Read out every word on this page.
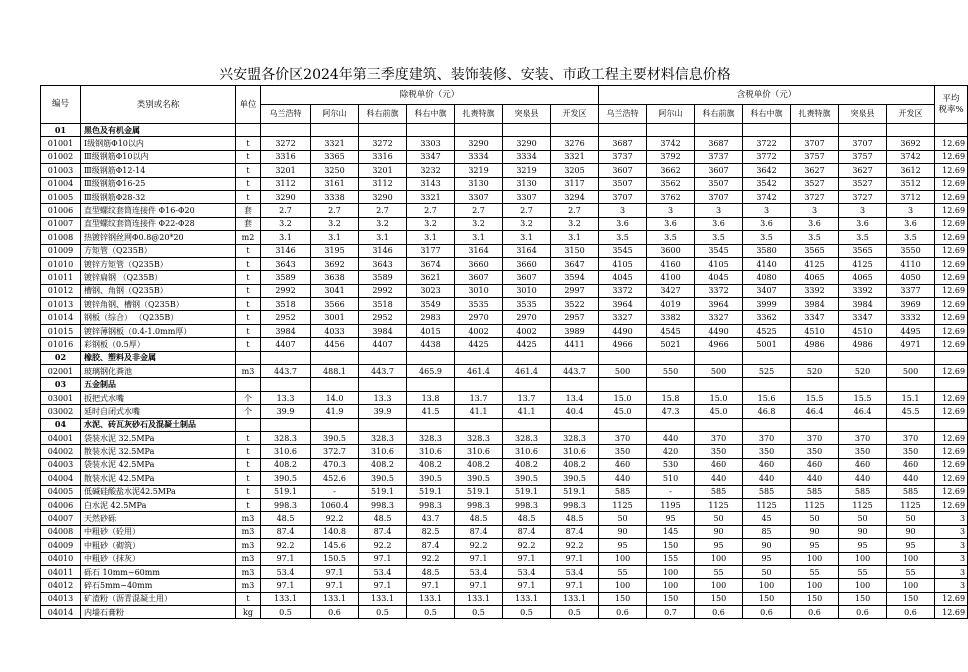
兴安盟各价区2024年第三季度建筑、装饰装修、安装、市政工程主要材料信息价格
编号	类别或名称	单位	除税单价（元）							含税单价（元）							平均
税率%
			乌兰浩特	阿尔山	科右前旗	科右中旗	扎赉特旗	突泉县	开发区	乌兰浩特	阿尔山	科右前旗	科右中旗	扎赉特旗	突泉县	开发区	
01	黑色及有机金属																
01001	Ⅰ级钢筋Φ10以内	t	3272	3321	3272	3303	3290	3290	3276	3687	3742	3687	3722	3707	3707	3692	12.69
01002	Ⅲ级钢筋Φ10以内	t	3316	3365	3316	3347	3334	3334	3321	3737	3792	3737	3772	3757	3757	3742	12.69
01003	Ⅲ级钢筋Φ12-14	t	3201	3250	3201	3232	3219	3219	3205	3607	3662	3607	3642	3627	3627	3612	12.69
01004	Ⅲ级钢筋Φ16-25	t	3112	3161	3112	3143	3130	3130	3117	3507	3562	3507	3542	3527	3527	3512	12.69
01005	Ⅲ级钢筋Φ28-32	t	3290	3338	3290	3321	3307	3307	3294	3707	3762	3707	3742	3727	3727	3712	12.69
01006	直型螺纹套筒连接件 Φ16-Φ20	套	2.7	2.7	2.7	2.7	2.7	2.7	2.7	3	3	3	3	3	3	3	12.69
01007	直型螺纹套筒连接件 Φ22-Φ28	套	3.2	3.2	3.2	3.2	3.2	3.2	3.2	3.6	3.6	3.6	3.6	3.6	3.6	3.6	12.69
01008	热镀锌钢丝网Φ0.8@20*20	m2	3.1	3.1	3.1	3.1	3.1	3.1	3.1	3.5	3.5	3.5	3.5	3.5	3.5	3.5	12.69
01009	方矩管（Q235B）	t	3146	3195	3146	3177	3164	3164	3150	3545	3600	3545	3580	3565	3565	3550	12.69
01010	镀锌方矩管（Q235B）	t	3643	3692	3643	3674	3660	3660	3647	4105	4160	4105	4140	4125	4125	4110	12.69
01011	镀锌扁钢 （Q235B）	t	3589	3638	3589	3621	3607	3607	3594	4045	4100	4045	4080	4065	4065	4050	12.69
01012	槽钢、角钢（Q235B）	t	2992	3041	2992	3023	3010	3010	2997	3372	3427	3372	3407	3392	3392	3377	12.69
01013	镀锌角钢、槽钢（Q235B）	t	3518	3566	3518	3549	3535	3535	3522	3964	4019	3964	3999	3984	3984	3969	12.69
01014	钢板（综合） （Q235B）	t	2952	3001	2952	2983	2970	2970	2957	3327	3382	3327	3362	3347	3347	3332	12.69
01015	镀锌薄钢板（0.4-1.0mm厚）	t	3984	4033	3984	4015	4002	4002	3989	4490	4545	4490	4525	4510	4510	4495	12.69
01016	彩钢板（0.5厚）	t	4407	4456	4407	4438	4425	4425	4411	4966	5021	4966	5001	4986	4986	4971	12.69
02	橡胶、塑料及非金属																
02001	玻璃钢化粪池	m3	443.7	488.1	443.7	465.9	461.4	461.4	443.7	500	550	500	525	520	520	500	12.69
03	五金制品																
03001	扳把式水嘴	个	13.3	14.0	13.3	13.8	13.7	13.7	13.4	15.0	15.8	15.0	15.6	15.5	15.5	15.1	12.69
03002	延时自闭式水嘴	个	39.9	41.9	39.9	41.5	41.1	41.1	40.4	45.0	47.3	45.0	46.8	46.4	46.4	45.5	12.69
04	水泥、砖瓦灰砂石及混凝土制品																
04001	袋装水泥 32.5MPa	t	328.3	390.5	328.3	328.3	328.3	328.3	328.3	370	440	370	370	370	370	370	12.69
04002	散装水泥 32.5MPa	t	310.6	372.7	310.6	310.6	310.6	310.6	310.6	350	420	350	350	350	350	350	12.69
04003	袋装水泥 42.5MPa	t	408.2	470.3	408.2	408.2	408.2	408.2	408.2	460	530	460	460	460	460	460	12.69
04004	散装水泥 42.5MPa	t	390.5	452.6	390.5	390.5	390.5	390.5	390.5	440	510	440	440	440	440	440	12.69
04005	低碱硅酸盐水泥42.5MPa	t	519.1	-	519.1	519.1	519.1	519.1	519.1	585	-	585	585	585	585	585	12.69
04006	白水泥 42.5MPa	t	998.3	1060.4	998.3	998.3	998.3	998.3	998.3	1125	1195	1125	1125	1125	1125	1125	12.69
04007	天然砂砾	m3	48.5	92.2	48.5	43.7	48.5	48.5	48.5	50	95	50	45	50	50	50	3
04008	中粗砂（砼用）	m3	87.4	140.8	87.4	82.5	87.4	87.4	87.4	90	145	90	85	90	90	90	3
04009	中粗砂（砌筑）	m3	92.2	145.6	92.2	87.4	92.2	92.2	92.2	95	150	95	90	95	95	95	3
04010	中粗砂（抹灰）	m3	97.1	150.5	97.1	92.2	97.1	97.1	97.1	100	155	100	95	100	100	100	3
04011	砾石 10mm~60mm	m3	53.4	97.1	53.4	48.5	53.4	53.4	53.4	55	100	55	50	55	55	55	3
04012	碎石5mm~40mm	m3	97.1	97.1	97.1	97.1	97.1	97.1	97.1	100	100	100	100	100	100	100	3
04013	矿渣粉（沥青混凝土用）	t	133.1	133.1	133.1	133.1	133.1	133.1	133.1	150	150	150	150	150	150	150	12.69
04014	内墙石膏粉	kg	0.5	0.6	0.5	0.5	0.5	0.5	0.5	0.6	0.7	0.6	0.6	0.6	0.6	0.6	12.69
